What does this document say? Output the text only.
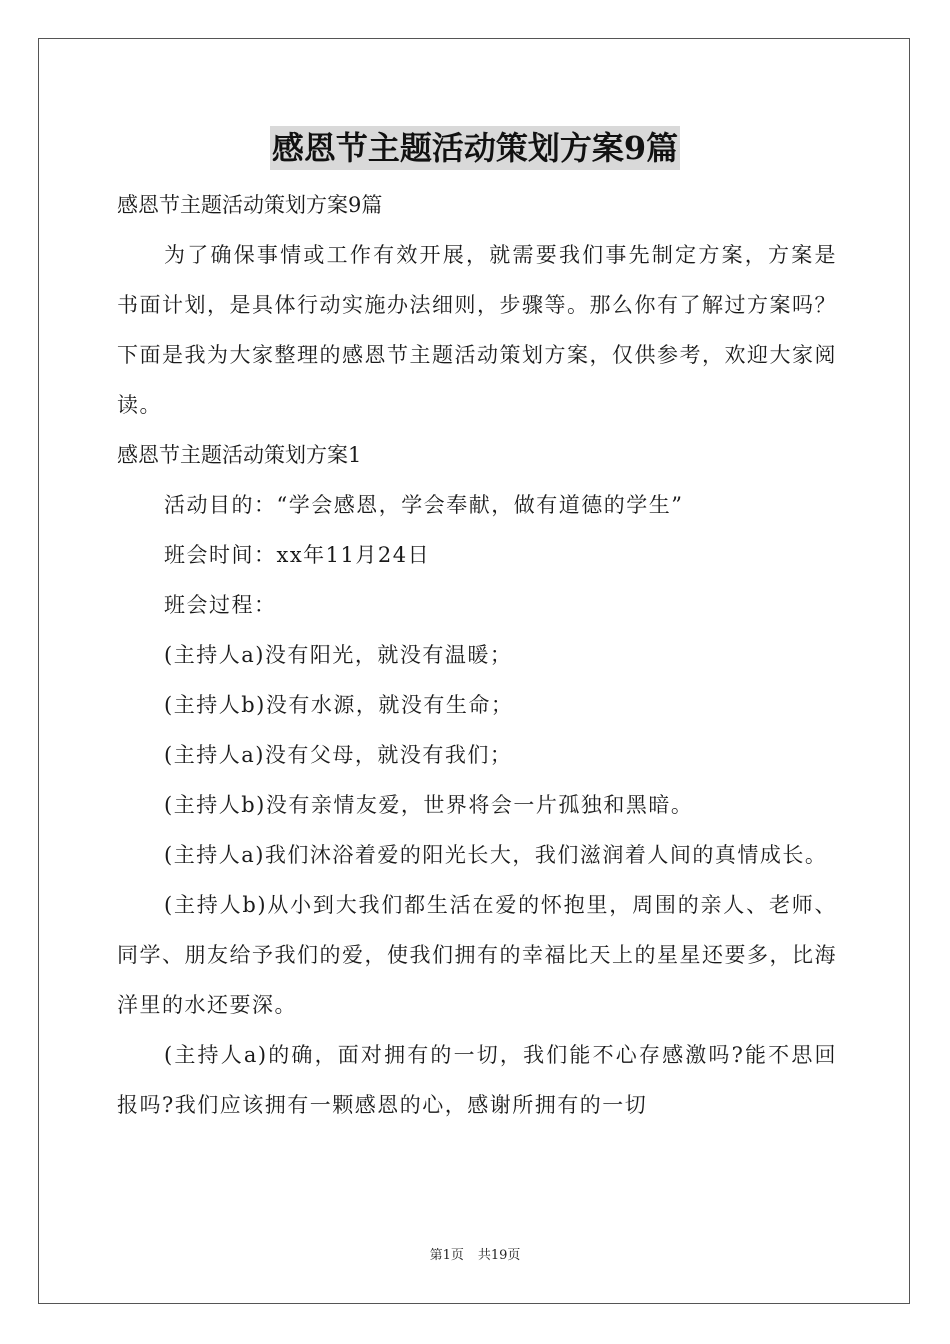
感恩节主题活动策划方案9篇

感恩节主题活动策划方案9篇

为了确保事情或工作有效开展，就需要我们事先制定方案，方案是书面计划，是具体行动实施办法细则，步骤等。那么你有了解过方案吗？下面是我为大家整理的感恩节主题活动策划方案，仅供参考，欢迎大家阅读。

感恩节主题活动策划方案1

活动目的：“学会感恩，学会奉献，做有道德的学生”

班会时间：xx年11月24日

班会过程：

(主持人a)没有阳光，就没有温暖；

(主持人b)没有水源，就没有生命；

(主持人a)没有父母，就没有我们；

(主持人b)没有亲情友爱，世界将会一片孤独和黑暗。

(主持人a)我们沐浴着爱的阳光长大，我们滋润着人间的真情成长。

(主持人b)从小到大我们都生活在爱的怀抱里，周围的亲人、老师、同学、朋友给予我们的爱，使我们拥有的幸福比天上的星星还要多，比海洋里的水还要深。

(主持人a)的确，面对拥有的一切，我们能不心存感激吗?能不思回报吗?我们应该拥有一颗感恩的心，感谢所拥有的一切

第1页 共19页
